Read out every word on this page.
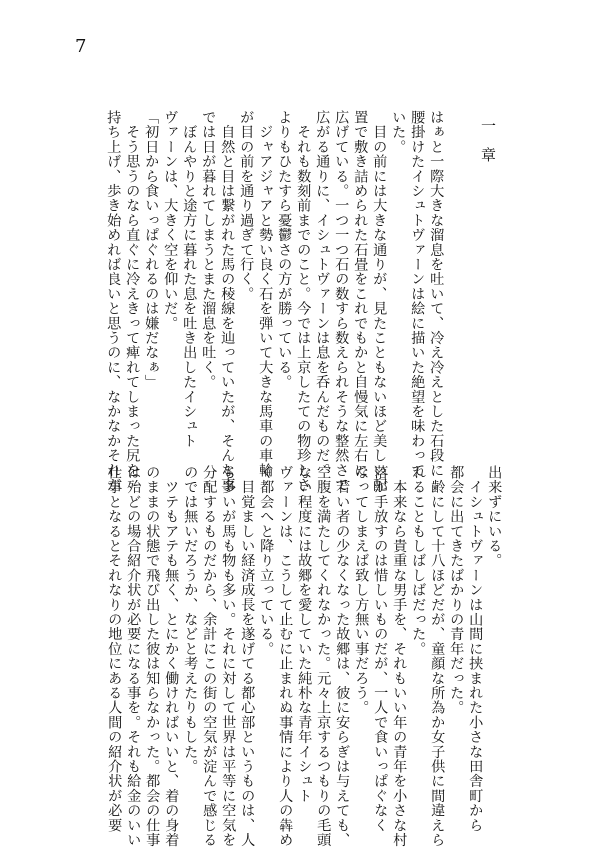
7
一章
はぁと一際大きな溜息を吐いて、冷え冷えとした石段に
腰掛けたイシュトヴァーンは絵に描いた絶望を味わって
いた。
　目の前には大きな通りが、見たこともないほど美しい配
置で敷き詰められた石畳をこれでもかと自慢気に左右に
広げている。一つ一つ石の数すら数えられそうな整然さで
広がる通りに、イシュトヴァーンは息を呑んだものだ。
　それも数刻前までのこと。今では上京したての物珍しさ
よりもひたすら憂鬱さの方が勝っている。
　ジャアジャアと勢い良く石を弾いて大きな馬車の車輪
が目の前を通り過ぎて行く。
　自然と目は繋がれた馬の稜線を辿っていたが、そんな事
では日が暮れてしまうとまた溜息を吐く。
　ぼんやりと途方に暮れた息を吐き出したイシュト
ヴァーンは、大きく空を仰いだ。
「初日から食いっぱぐれるのは嫌だなぁ」
　そう思うのなら直ぐに冷えきって痺れてしまった尻を
持ち上げ、歩き始めれば良いと思うのに、なかなかそれが
出来ずにいる。
　イシュトヴァーンは山間に挟まれた小さな田舎町から
都会に出てきたばかりの青年だった。
　齢にして十八ほどだが、童顔な所為か女子供に間違えら
れることもしばしばだった。
　本来なら貴重な男手を、それもいい年の青年を小さな村
落が手放すのは惜しいものだが、一人で食いっぱぐなく
なってしまえば致し方無い事だろう。
　若い者の少なくなった故郷は、彼に安らぎは与えても、
空腹を満たしてくれなかった。元々上京するつもりの毛頭
ない程度には故郷を愛していた純朴な青年イシュト
ヴァーンは、こうして止むに止まれぬ事情により人の犇め
く都会へと降り立っている。
　目覚ましい経済成長を遂げてる都心部というものは、人
も多いが馬も物も多い。それに対して世界は平等に空気を
分配するものだから、余計にこの街の空気が淀んで感じる
のでは無いだろうか、などと考えたりもした。
　ツテもアテも無く、とにかく働ければいいと、着の身着
のままの状態で飛び出した彼は知らなかった。都会の仕事
は殆どの場合紹介状が必要になる事を。それも給金のいい
仕事となるとそれなりの地位にある人間の紹介状が必要
